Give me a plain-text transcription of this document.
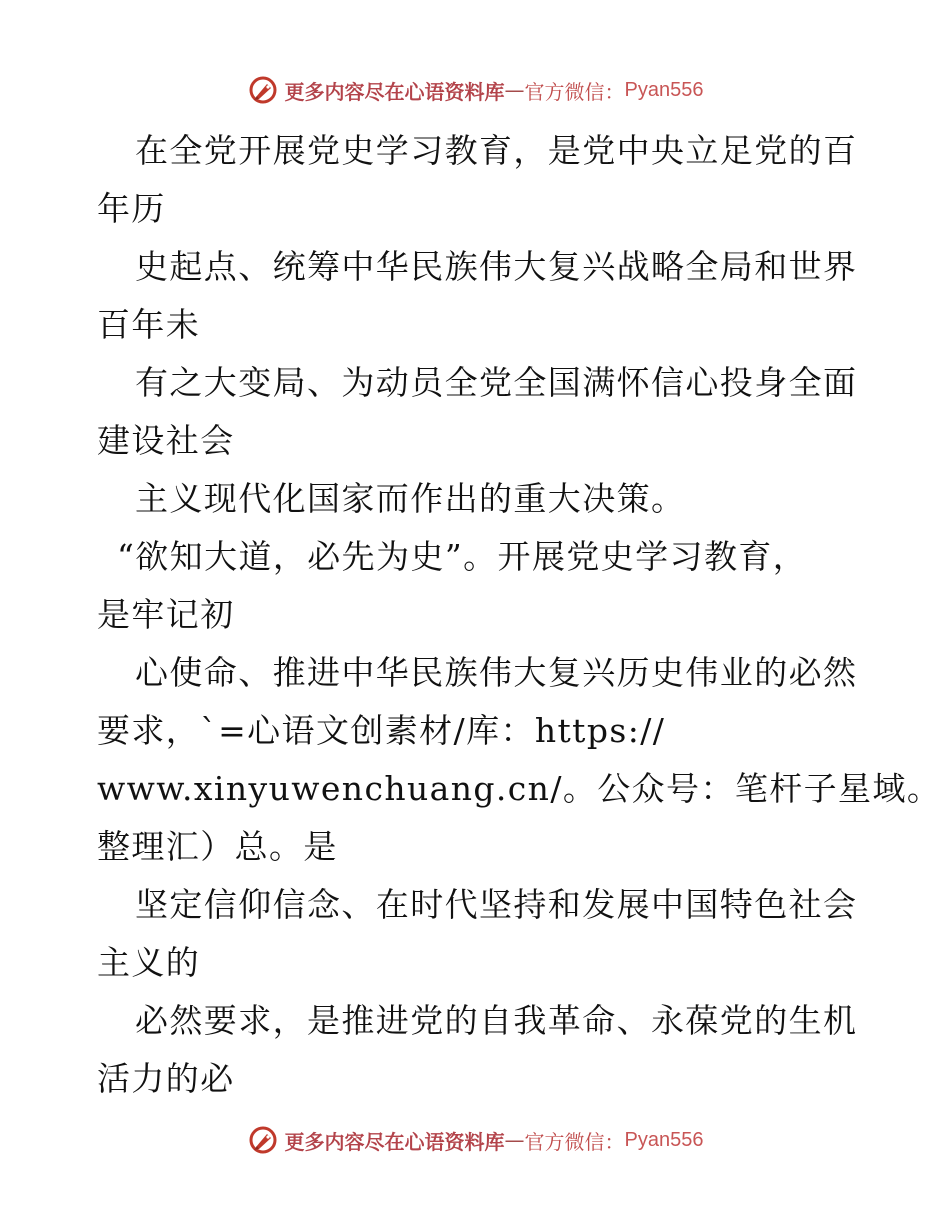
更多内容尽在心语资料库 — 官方微信： Pyan556
在全党开展党史学习教育，是党中央立足党的百
年历
史起点、统筹中华民族伟大复兴战略全局和世界
百年未
有之大变局、为动员全党全国满怀信心投身全面
建设社会
主义现代化国家而作出的重大决策。
“欲知大道，必先为史”。开展党史学习教育，
是牢记初
心使命、推进中华民族伟大复兴历史伟业的必然
要求，`=心语文创素材/库：https://
www.xinyuwenchuang.cn/。公众号：笔杆子星域。
整理汇）总。是
坚定信仰信念、在时代坚持和发展中国特色社会
主义的
必然要求，是推进党的自我革命、永葆党的生机
活力的必
更多内容尽在心语资料库 — 官方微信： Pyan556
